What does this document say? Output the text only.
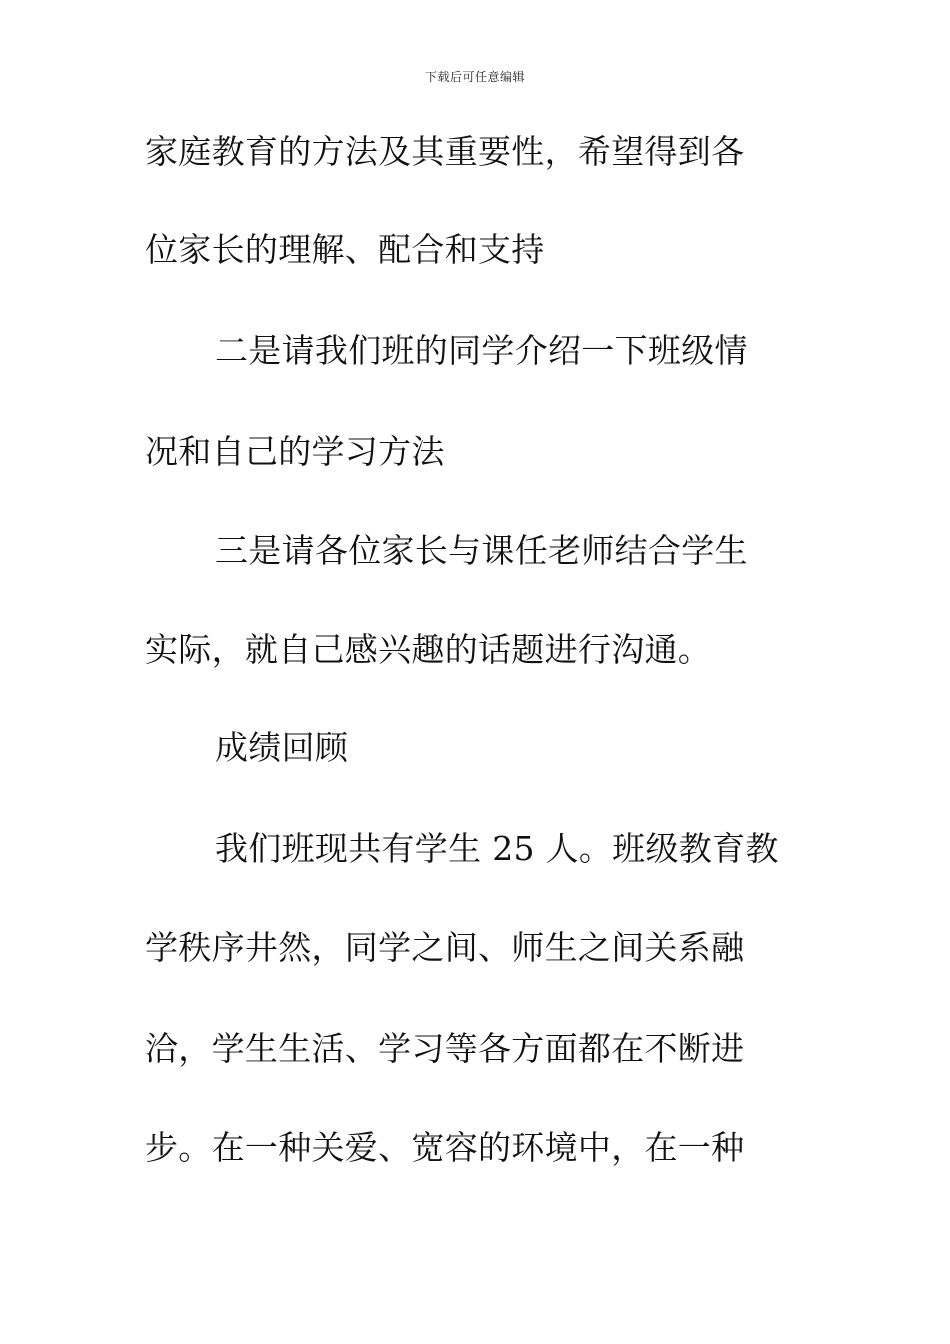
下载后可任意编辑
家庭教育的方法及其重要性，希望得到各
位家长的理解、配合和支持
二是请我们班的同学介绍一下班级情
况和自己的学习方法
三是请各位家长与课任老师结合学生
实际，就自己感兴趣的话题进行沟通。
成绩回顾
我们班现共有学生 25 人。班级教育教
学秩序井然，同学之间、师生之间关系融
洽，学生生活、学习等各方面都在不断进
步。在一种关爱、宽容的环境中，在一种
